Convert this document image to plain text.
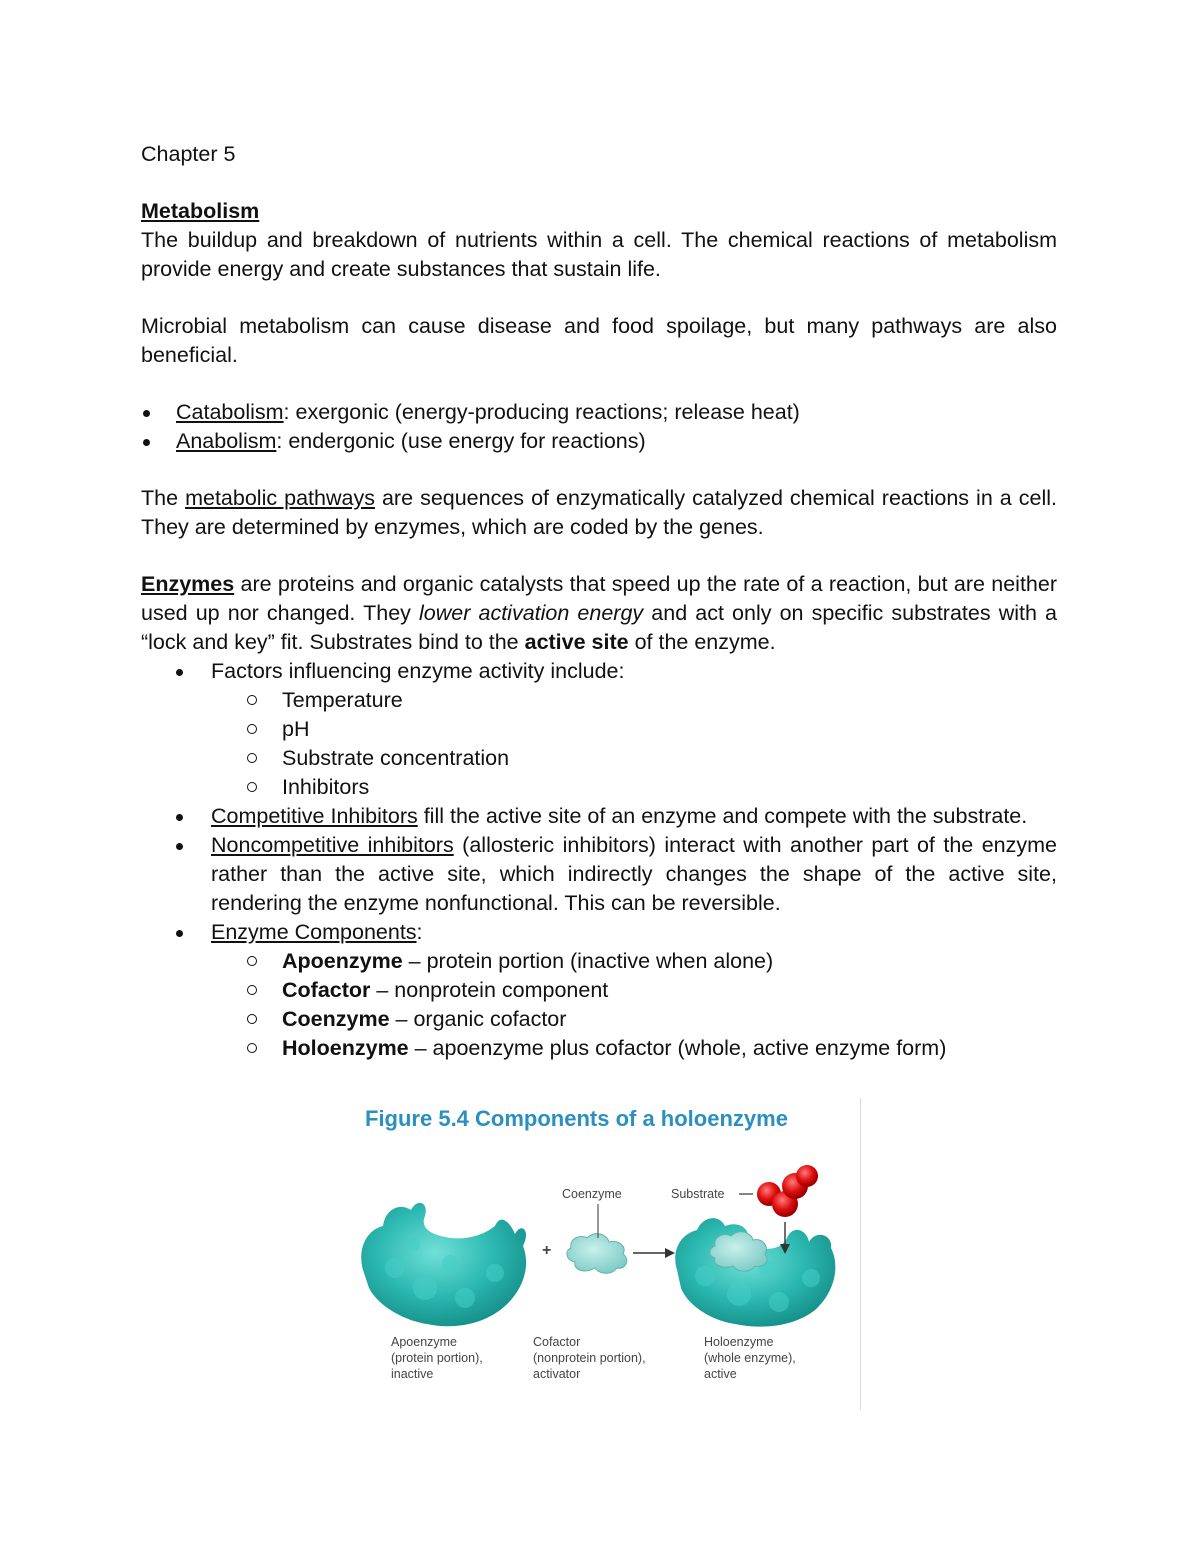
Chapter 5

Metabolism

The buildup and breakdown of nutrients within a cell. The chemical reactions of metabolism provide energy and create substances that sustain life.

Microbial metabolism can cause disease and food spoilage, but many pathways are also beneficial.

Catabolism: exergonic (energy-producing reactions; release heat)
Anabolism: endergonic (use energy for reactions)

The metabolic pathways are sequences of enzymatically catalyzed chemical reactions in a cell. They are determined by enzymes, which are coded by the genes.

Enzymes are proteins and organic catalysts that speed up the rate of a reaction, but are neither used up nor changed. They lower activation energy and act only on specific substrates with a “lock and key” fit. Substrates bind to the active site of the enzyme.

Factors influencing enzyme activity include:
Temperature
pH
Substrate concentration
Inhibitors
Competitive Inhibitors fill the active site of an enzyme and compete with the substrate.
Noncompetitive inhibitors (allosteric inhibitors) interact with another part of the enzyme rather than the active site, which indirectly changes the shape of the active site, rendering the enzyme nonfunctional. This can be reversible.
Enzyme Components:
Apoenzyme – protein portion (inactive when alone)
Cofactor – nonprotein component
Coenzyme – organic cofactor
Holoenzyme – apoenzyme plus cofactor (whole, active enzyme form)
Figure 5.4 Components of a holoenzyme
Coenzyme	Substrate
+
Apoenzyme
(protein portion),
inactive
Cofactor
(nonprotein portion),
activator
Holoenzyme
(whole enzyme),
active
